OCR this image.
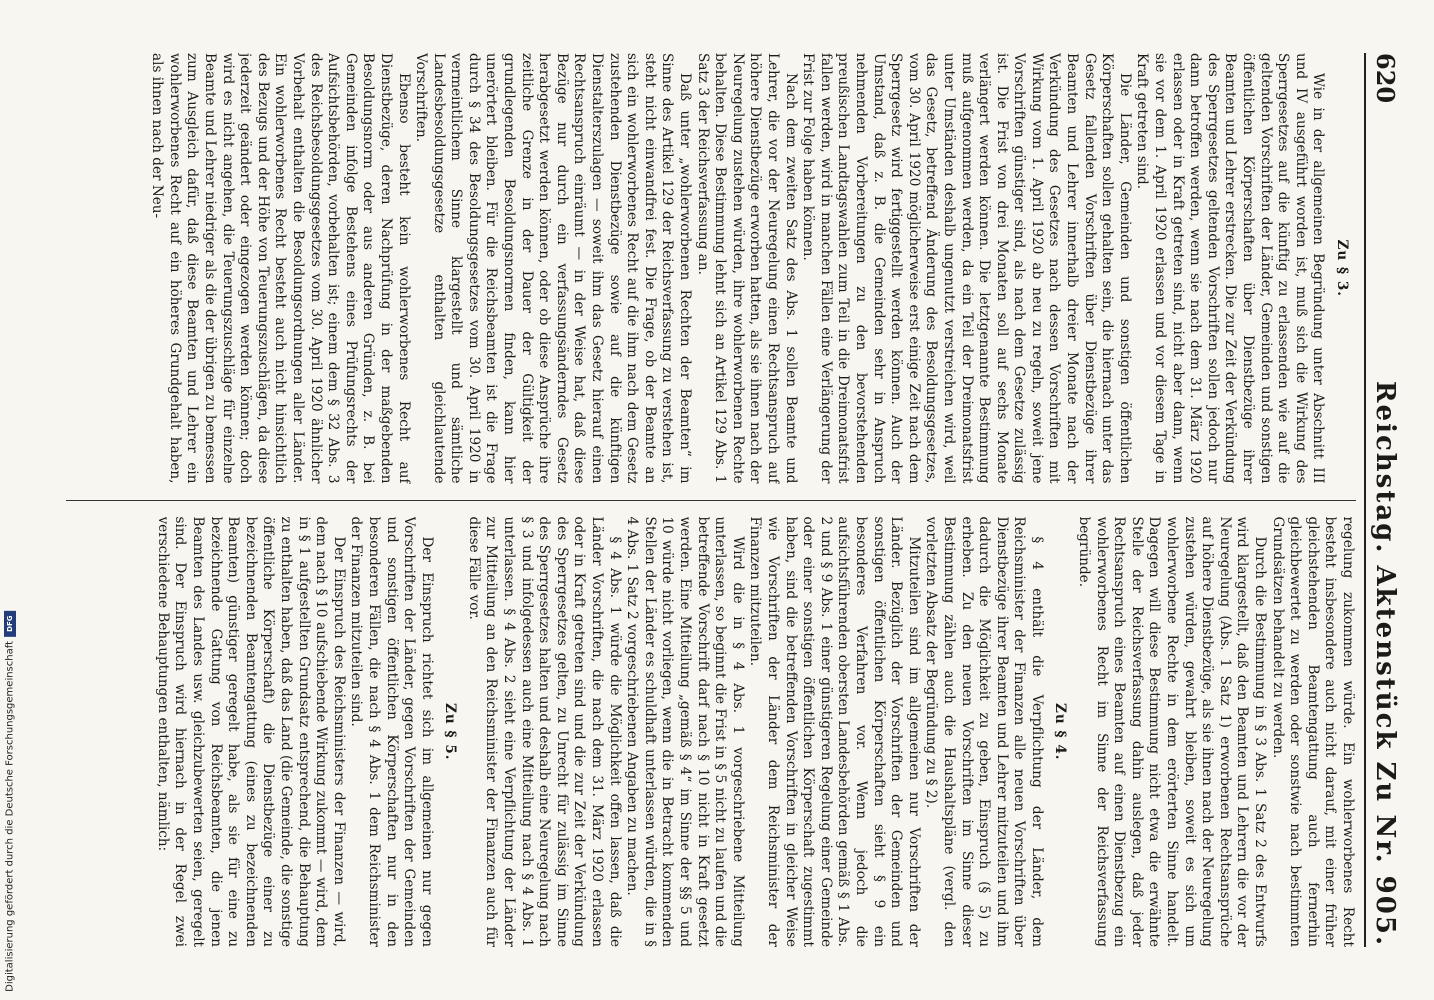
620
Reichstag. Aktenstück Zu Nr. 905.
Zu § 3.

Wie in der allgemeinen Begründung unter Abschnitt III und IV ausgeführt worden ist, muß sich die Wirkung des Sperrgesetzes auf die künftig zu erlassenden wie auf die geltenden Vorschriften der Länder, Gemeinden und sonstigen öffentlichen Körperschaften über Dienstbezüge ihrer Beamten und Lehrer erstrecken. Die zur Zeit der Verkündung des Sperrgesetzes geltenden Vorschriften sollen jedoch nur dann betroffen werden, wenn sie nach dem 31. März 1920 erlassen oder in Kraft getreten sind, nicht aber dann, wenn sie vor dem 1. April 1920 erlassen und vor diesem Tage in Kraft getreten sind.

Die Länder, Gemeinden und sonstigen öffentlichen Körperschaften sollen gehalten sein, die hiernach unter das Gesetz fallenden Vorschriften über Dienstbezüge ihrer Beamten und Lehrer innerhalb dreier Monate nach der Verkündung des Gesetzes nach dessen Vorschriften mit Wirkung vom 1. April 1920 ab neu zu regeln, soweit jene Vorschriften günstiger sind, als nach dem Gesetze zulässig ist. Die Frist von drei Monaten soll auf sechs Monate verlängert werden können. Die letztgenannte Bestimmung muß aufgenommen werden, da ein Teil der Dreimonatsfrist unter Umständen deshalb ungenutzt verstreichen wird, weil das Gesetz, betreffend Änderung des Besoldungsgesetzes, vom 30. April 1920 möglicherweise erst einige Zeit nach dem Sperrgesetz wird fertiggestellt werden können. Auch der Umstand, daß z. B. die Gemeinden sehr in Anspruch nehmenden Vorbereitungen zu den bevorstehenden preußischen Landtagswahlen zum Teil in die Dreimonatsfrist fallen werden, wird in manchen Fällen eine Verlängerung der Frist zur Folge haben können.

Nach dem zweiten Satz des Abs. 1 sollen Beamte und Lehrer, die vor der Neuregelung einen Rechtsanspruch auf höhere Dienstbezüge erworben hatten, als sie ihnen nach der Neuregelung zustehen würden, ihre wohlerworbenen Rechte behalten. Diese Bestimmung lehnt sich an Artikel 129 Abs. 1 Satz 3 der Reichsverfassung an.

Daß unter „wohlerworbenen Rechten der Beamten“ im Sinne des Artikel 129 der Reichsverfassung zu verstehen ist, steht nicht einwandfrei fest. Die Frage, ob der Beamte an sich ein wohlerworbenes Recht auf die ihm nach dem Gesetz zustehenden Dienstbezüge sowie auf die künftigen Dienstalterszulagen — soweit ihm das Gesetz hierauf einen Rechtsanspruch einräumt — in der Weise hat, daß diese Bezüge nur durch ein verfassungsänderndes Gesetz herabgesetzt werden können, oder ob diese Ansprüche ihre zeitliche Grenze in der Dauer der Gültigkeit der grundlegenden Besoldungsnormen finden, kann hier unerörtert bleiben. Für die Reichsbeamten ist die Frage durch § 34 des Besoldungsgesetzes vom 30. April 1920 in vermeintlichem Sinne klargestellt und sämtliche Landesbesoldungsgesetze enthalten gleichlautende Vorschriften.

Ebenso besteht kein wohlerworbenes Recht auf Dienstbezüge, deren Nachprüfung in der maßgebenden Besoldungsnorm oder aus anderen Gründen, z. B. bei Gemeinden infolge Bestehens eines Prüfungsrechts der Aufsichtsbehörden, vorbehalten ist; einem dem § 32 Abs. 3 des Reichsbesoldungsgesetzes vom 30. April 1920 ähnlicher Vorbehalt enthalten die Besoldungsordnungen aller Länder. Ein wohlerworbenes Recht besteht auch nicht hinsichtlich des Bezugs und der Höhe von Teuerungszuschlägen, da diese jederzeit geändert oder eingezogen werden können; doch wird es nicht angehen, die Teuerungszuschläge für einzelne Beamte und Lehrer niedriger als die der übrigen zu bemessen zum Ausgleich dafür, daß diese Beamten und Lehrer ein wohlerworbenes Recht auf ein höheres Grundgehalt haben, als ihnen nach der Neu-

regelung zukommen würde. Ein wohlerworbenes Recht besteht insbesondere auch nicht darauf, mit einer früher gleichstehenden Beamtengattung auch fernerhin gleichbewertet zu werden oder sonstwie nach bestimmten Grundsätzen behandelt zu werden.

Durch die Bestimmung in § 3 Abs. 1 Satz 2 des Entwurfs wird klargestellt, daß den Beamten und Lehrern die vor der Neuregelung (Abs. 1 Satz 1) erworbenen Rechtsansprüche auf höhere Dienstbezüge, als sie ihnen nach der Neuregelung zustehen würden, gewahrt bleiben, soweit es sich um wohlerworbene Rechte in dem erörterten Sinne handelt. Dagegen will diese Bestimmung nicht etwa die erwähnte Stelle der Reichsverfassung dahin auslegen, daß jeder Rechtsanspruch eines Beamten auf einen Dienstbezug ein wohlerworbenes Recht im Sinne der Reichsverfassung begründe.

Zu § 4.

§ 4 enthält die Verpflichtung der Länder, dem Reichsminister der Finanzen alle neuen Vorschriften über Dienstbezüge ihrer Beamten und Lehrer mitzuteilen und ihm dadurch die Möglichkeit zu geben, Einspruch (§ 5) zu erheben. Zu den neuen Vorschriften im Sinne dieser Bestimmung zählen auch die Haushaltspläne (vergl. den vorletzten Absatz der Begründung zu § 2).

Mitzuteilen sind im allgemeinen nur Vorschriften der Länder. Bezüglich der Vorschriften der Gemeinden und sonstigen öffentlichen Körperschaften sieht § 9 ein besonderes Verfahren vor. Wenn jedoch die aufsichtsführenden obersten Landesbehörden gemäß § 1 Abs. 2 und § 9 Abs. 1 einer günstigeren Regelung einer Gemeinde oder einer sonstigen öffentlichen Körperschaft zugestimmt haben, sind die betreffenden Vorschriften in gleicher Weise wie Vorschriften der Länder dem Reichsminister der Finanzen mitzuteilen.

Wird die in § 4 Abs. 1 vorgeschriebene Mitteilung unterlassen, so beginnt die Frist in § 5 nicht zu laufen und die betreffende Vorschrift darf nach § 10 nicht in Kraft gesetzt werden. Eine Mitteilung „gemäß § 4“ im Sinne der §§ 5 und 10 würde nicht vorliegen, wenn die in Betracht kommenden Stellen der Länder es schuldhaft unterlassen würden, die in § 4 Abs. 1 Satz 2 vorgeschriebenen Angaben zu machen.

§ 4 Abs. 1 würde die Möglichkeit offen lassen, daß die Länder Vorschriften, die nach dem 31. März 1920 erlassen oder in Kraft getreten sind und die zur Zeit der Verkündung des Sperrgesetzes gelten, zu Unrecht für zulässig im Sinne des Sperrgesetzes halten und deshalb eine Neuregelung nach § 3 und infolgedessen auch eine Mitteilung nach § 4 Abs. 1 unterlassen. § 4 Abs. 2 sieht eine Verpflichtung der Länder zur Mitteilung an den Reichsminister der Finanzen auch für diese Fälle vor.

Zu § 5.

Der Einspruch richtet sich im allgemeinen nur gegen Vorschriften der Länder, gegen Vorschriften der Gemeinden und sonstigen öffentlichen Körperschaften nur in den besonderen Fällen, die nach § 4 Abs. 1 dem Reichsminister der Finanzen mitzuteilen sind.

Der Einspruch des Reichsministers der Finanzen — wird, dem nach § 10 aufschiebende Wirkung zukommt — wird, dem in § 1 aufgestellten Grundsatz entsprechend, die Behauptung zu enthalten haben, daß das Land (die Gemeinde, die sonstige öffentliche Körperschaft) die Dienstbezüge einer zu bezeichnenden Beamtengattung (eines zu bezeichnenden Beamten) günstiger geregelt habe, als sie für eine zu bezeichnende Gattung von Reichsbeamten, die jenen Beamten des Landes usw. gleichzubewerten seien, geregelt sind. Der Einspruch wird hiernach in der Regel zwei verschiedene Behauptungen enthalten, nämlich:

Digitalisierung gefördert durch die Deutsche Forschungsgemeinschaft
DFG
